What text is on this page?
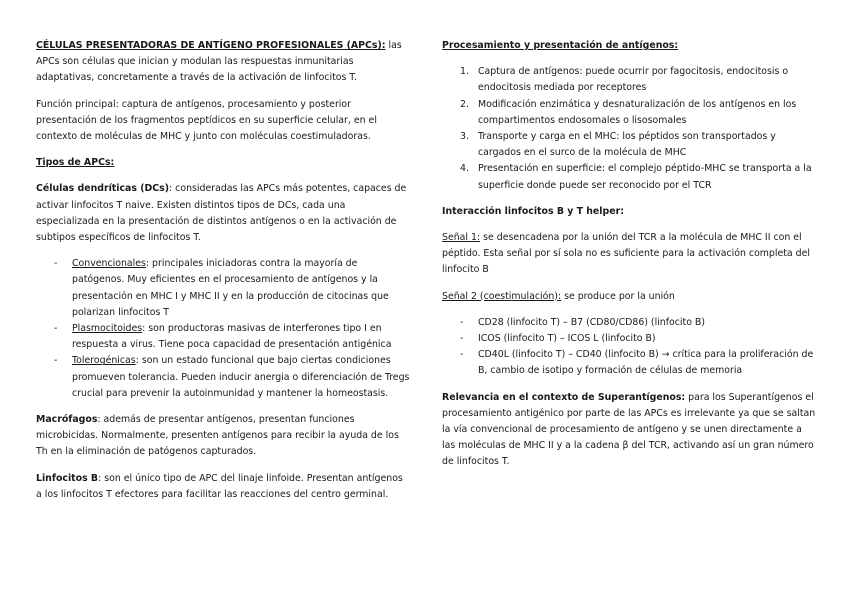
CÉLULAS PRESENTADORAS DE ANTÍGENO PROFESIONALES (APCs): las APCs son células que inician y modulan las respuestas inmunitarias adaptativas, concretamente a través de la activación de linfocitos T.

Función principal: captura de antígenos, procesamiento y posterior presentación de los fragmentos peptídicos en su superficie celular, en el contexto de moléculas de MHC y junto con moléculas coestimuladoras.

Tipos de APCs:

Células dendríticas (DCs): consideradas las APCs más potentes, capaces de activar linfocitos T naive. Existen distintos tipos de DCs, cada una especializada en la presentación de distintos antígenos o en la activación de subtipos específicos de linfocitos T.

- Convencionales: principales iniciadoras contra la mayoría de patógenos. Muy eficientes en el procesamiento de antígenos y la presentación en MHC I y MHC II y en la producción de citocinas que polarizan linfocitos T
- Plasmocitoides: son productoras masivas de interferones tipo I en respuesta a virus. Tiene poca capacidad de presentación antigénica
- Tolerogénicas: son un estado funcional que bajo ciertas condiciones promueven tolerancia. Pueden inducir anergia o diferenciación de Tregs crucial para prevenir la autoinmunidad y mantener la homeostasis.

Macrófagos: además de presentar antígenos, presentan funciones microbicidas. Normalmente, presenten antígenos para recibir la ayuda de los Th en la eliminación de patógenos capturados.

Linfocitos B: son el único tipo de APC del linaje linfoide. Presentan antígenos a los linfocitos T efectores para facilitar las reacciones del centro germinal.

Procesamiento y presentación de antígenos:

1. Captura de antígenos: puede ocurrir por fagocitosis, endocitosis o endocitosis mediada por receptores
2. Modificación enzimática y desnaturalización de los antígenos en los compartimentos endosomales o lisosomales
3. Transporte y carga en el MHC: los péptidos son transportados y cargados en el surco de la molécula de MHC
4. Presentación en superficie: el complejo péptido-MHC se transporta a la superficie donde puede ser reconocido por el TCR

Interacción linfocitos B y T helper:

Señal 1: se desencadena por la unión del TCR a la molécula de MHC II con el péptido. Esta señal por sí sola no es suficiente para la activación completa del linfocito B

Señal 2 (coestimulación): se produce por la unión

- CD28 (linfocito T) – B7 (CD80/CD86) (linfocito B)
- ICOS (linfocito T) – ICOS L (linfocito B)
- CD40L (linfocito T) – CD40 (linfocito B) → crítica para la proliferación de B, cambio de isotipo y formación de células de memoria

Relevancia en el contexto de Superantígenos: para los Superantígenos el procesamiento antigénico por parte de las APCs es irrelevante ya que se saltan la vía convencional de procesamiento de antígeno y se unen directamente a las moléculas de MHC II y a la cadena β del TCR, activando así un gran número de linfocitos T.
